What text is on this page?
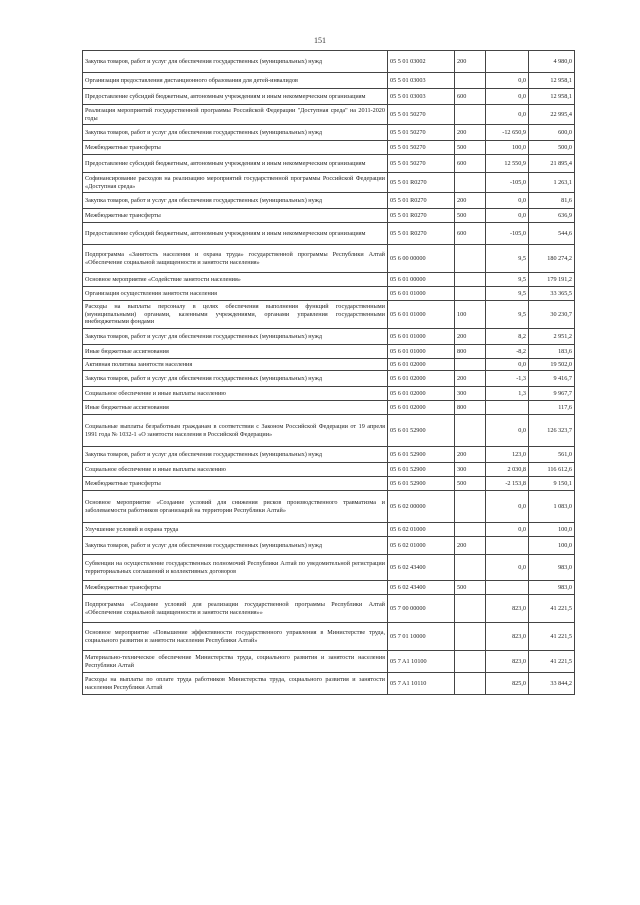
151
Закупка товаров, работ и услуг для обеспечения государственных (муниципальных) нужд	05 5 01 03002	200		4 980,0
Организация предоставления дистанционного образования для детей-инвалидов	05 5 01 03003		0,0	12 958,1
Предоставление субсидий бюджетным, автономным учреждениям и иным некоммерческим организациям	05 5 01 03003	600	0,0	12 958,1
Реализация мероприятий государственной программы Российской Федерации "Доступная среда" на 2011-2020 годы	05 5 01 50270		0,0	22 995,4
Закупка товаров, работ и услуг для обеспечения государственных (муниципальных) нужд	05 5 01 50270	200	-12 650,9	600,0
Межбюджетные трансферты	05 5 01 50270	500	100,0	500,0
Предоставление субсидий бюджетным, автономным учреждениям и иным некоммерческим организациям	05 5 01 50270	600	12 550,9	21 895,4
Софинансирование расходов на реализацию мероприятий государственной программы Российской Федерации «Доступная среда»	05 5 01 R0270		-105,0	1 263,1
Закупка товаров, работ и услуг для обеспечения государственных (муниципальных) нужд	05 5 01 R0270	200	0,0	81,6
Межбюджетные трансферты	05 5 01 R0270	500	0,0	636,9
Предоставление субсидий бюджетным, автономным учреждениям и иным некоммерческим организациям	05 5 01 R0270	600	-105,0	544,6
Подпрограмма «Занятость населения и охрана труда» государственной программы Республики Алтай «Обеспечение социальной защищенности и занятости населения»	05 6 00 00000		9,5	180 274,2
Основное мероприятие «Содействие занятости населения»	05 6 01 00000		9,5	179 191,2
Организация осуществления занятости населения	05 6 01 01000		9,5	33 365,5
Расходы на выплаты персоналу в целях обеспечения выполнения функций государственными (муниципальными) органами, казенными учреждениями, органами управления государственными внебюджетными фондами	05 6 01 01000	100	9,5	30 230,7
Закупка товаров, работ и услуг для обеспечения государственных (муниципальных) нужд	05 6 01 01000	200	8,2	2 951,2
Иные бюджетные ассигнования	05 6 01 01000	800	-8,2	183,6
Активная политика занятости населения	05 6 01 02000		0,0	19 502,0
Закупка товаров, работ и услуг для обеспечения государственных (муниципальных) нужд	05 6 01 02000	200	-1,3	9 416,7
Социальное обеспечение и иные выплаты населению	05 6 01 02000	300	1,3	9 967,7
Иные бюджетные ассигнования	05 6 01 02000	800		117,6
Социальные выплаты безработным гражданам в соответствии с Законом Российской Федерации от 19 апреля 1991 года № 1032-1 «О занятости населения в Российской Федерации»	05 6 01 52900		0,0	126 323,7
Закупка товаров, работ и услуг для обеспечения государственных (муниципальных) нужд	05 6 01 52900	200	123,0	561,0
Социальное обеспечение и иные выплаты населению	05 6 01 52900	300	2 030,8	116 612,6
Межбюджетные трансферты	05 6 01 52900	500	-2 153,8	9 150,1
Основное мероприятие «Создание условий для снижения рисков производственного травматизма и заболеваемости работников организаций на территории Республики Алтай»	05 6 02 00000		0,0	1 083,0
Улучшение условий и охрана труда	05 6 02 01000		0,0	100,0
Закупка товаров, работ и услуг для обеспечения государственных (муниципальных) нужд	05 6 02 01000	200		100,0
Субвенции на осуществление государственных полномочий Республики Алтай по уведомительной регистрации территориальных соглашений и коллективных договоров	05 6 02 43400		0,0	983,0
Межбюджетные трансферты	05 6 02 43400	500		983,0
Подпрограмма «Создание условий для реализации государственной программы Республики Алтай «Обеспечение социальной защищенности и занятости населения»»	05 7 00 00000		823,0	41 221,5
Основное мероприятие «Повышение эффективности государственного управления в Министерстве труда, социального развития и занятости населения Республики Алтай»	05 7 01 10000		823,0	41 221,5
Материально-техническое обеспечение Министерства труда, социального развития и занятости населения Республики Алтай	05 7 A1 10100		823,0	41 221,5
Расходы на выплаты по оплате труда работников Министерства труда, социального развития и занятости населения Республики Алтай	05 7 A1 10110		825,0	33 844,2
